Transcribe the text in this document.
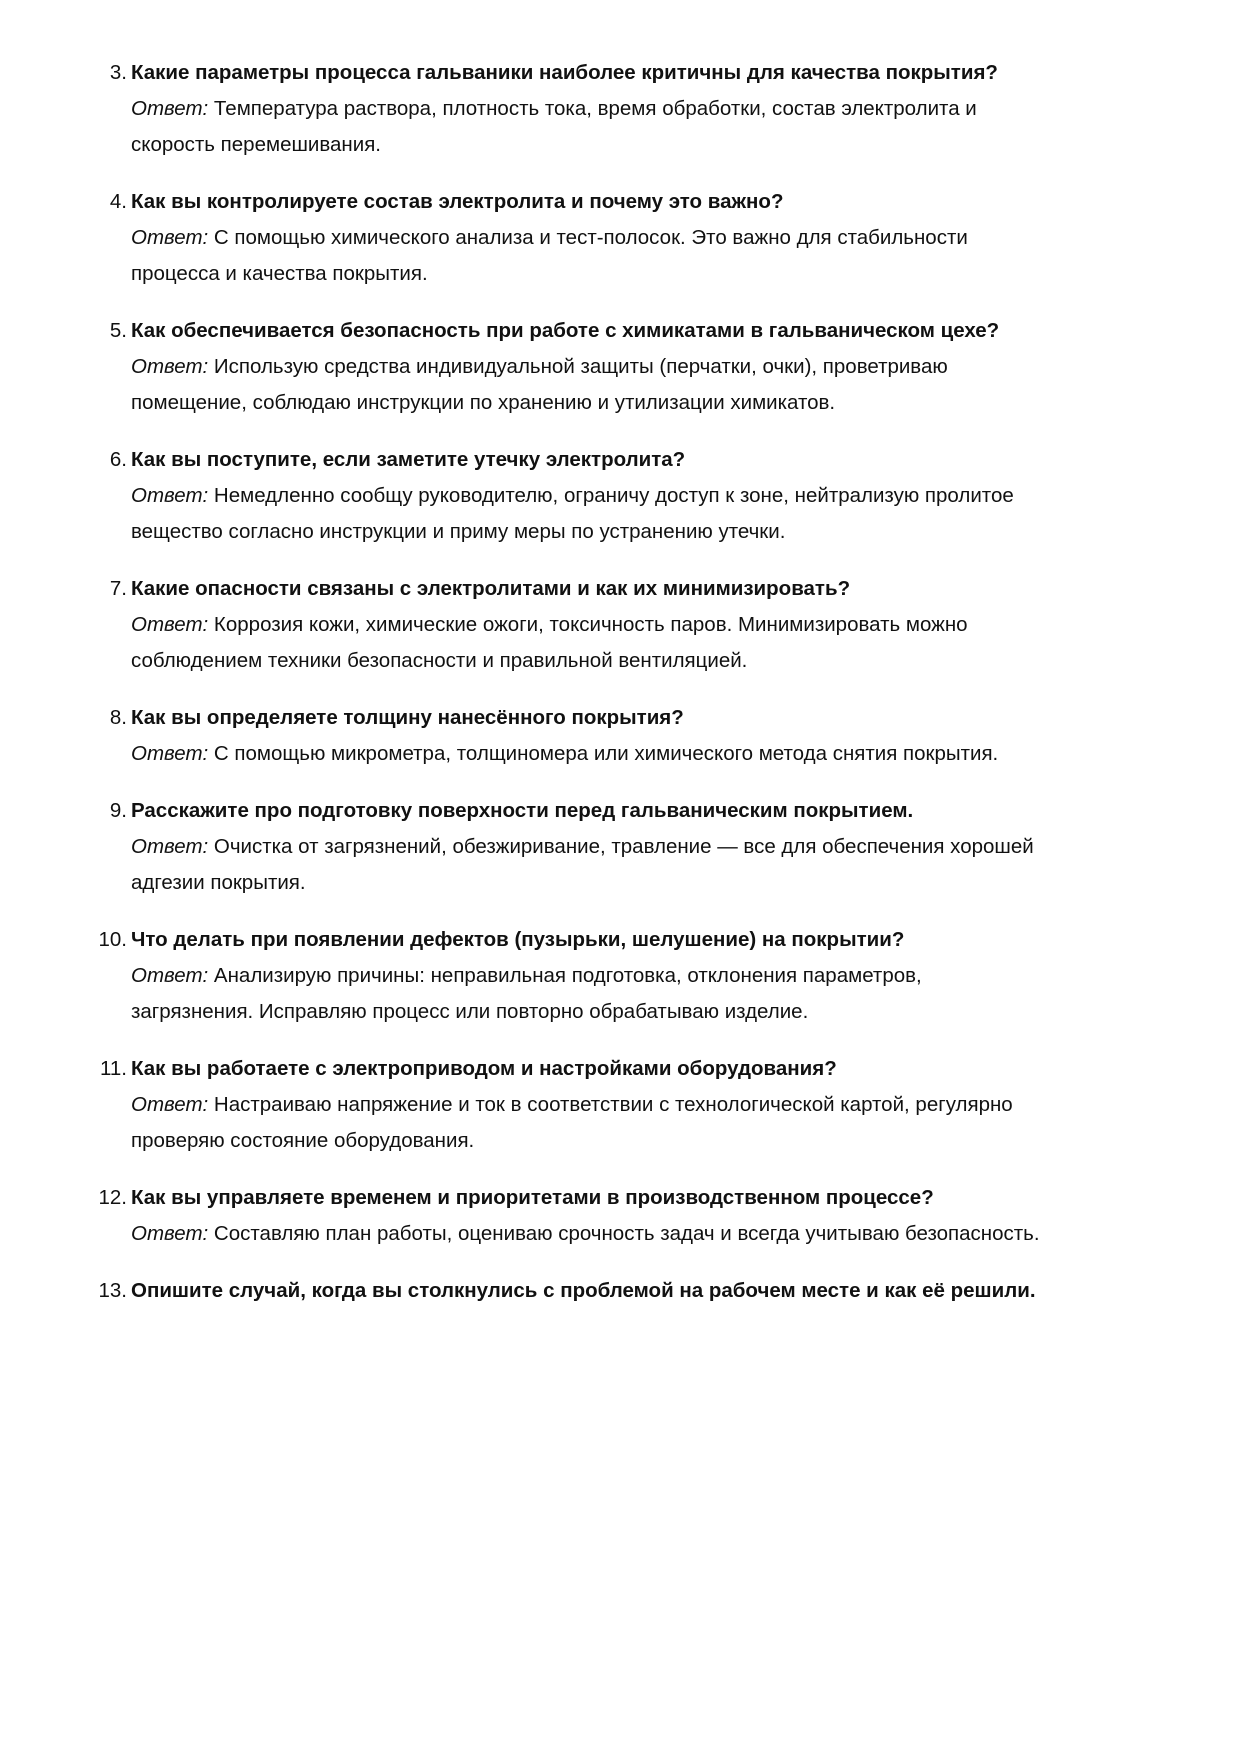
3. Какие параметры процесса гальваники наиболее критичны для качества покрытия?
Ответ: Температура раствора, плотность тока, время обработки, состав электролита и скорость перемешивания.
4. Как вы контролируете состав электролита и почему это важно?
Ответ: С помощью химического анализа и тест-полосок. Это важно для стабильности процесса и качества покрытия.
5. Как обеспечивается безопасность при работе с химикатами в гальваническом цехе?
Ответ: Использую средства индивидуальной защиты (перчатки, очки), проветриваю помещение, соблюдаю инструкции по хранению и утилизации химикатов.
6. Как вы поступите, если заметите утечку электролита?
Ответ: Немедленно сообщу руководителю, ограничу доступ к зоне, нейтрализую пролитое вещество согласно инструкции и приму меры по устранению утечки.
7. Какие опасности связаны с электролитами и как их минимизировать?
Ответ: Коррозия кожи, химические ожоги, токсичность паров. Минимизировать можно соблюдением техники безопасности и правильной вентиляцией.
8. Как вы определяете толщину нанесённого покрытия?
Ответ: С помощью микрометра, толщиномера или химического метода снятия покрытия.
9. Расскажите про подготовку поверхности перед гальваническим покрытием.
Ответ: Очистка от загрязнений, обезжиривание, травление — все для обеспечения хорошей адгезии покрытия.
10. Что делать при появлении дефектов (пузырьки, шелушение) на покрытии?
Ответ: Анализирую причины: неправильная подготовка, отклонения параметров, загрязнения. Исправляю процесс или повторно обрабатываю изделие.
11. Как вы работаете с электроприводом и настройками оборудования?
Ответ: Настраиваю напряжение и ток в соответствии с технологической картой, регулярно проверяю состояние оборудования.
12. Как вы управляете временем и приоритетами в производственном процессе?
Ответ: Составляю план работы, оцениваю срочность задач и всегда учитываю безопасность.
13. Опишите случай, когда вы столкнулись с проблемой на рабочем месте и как её решили.
